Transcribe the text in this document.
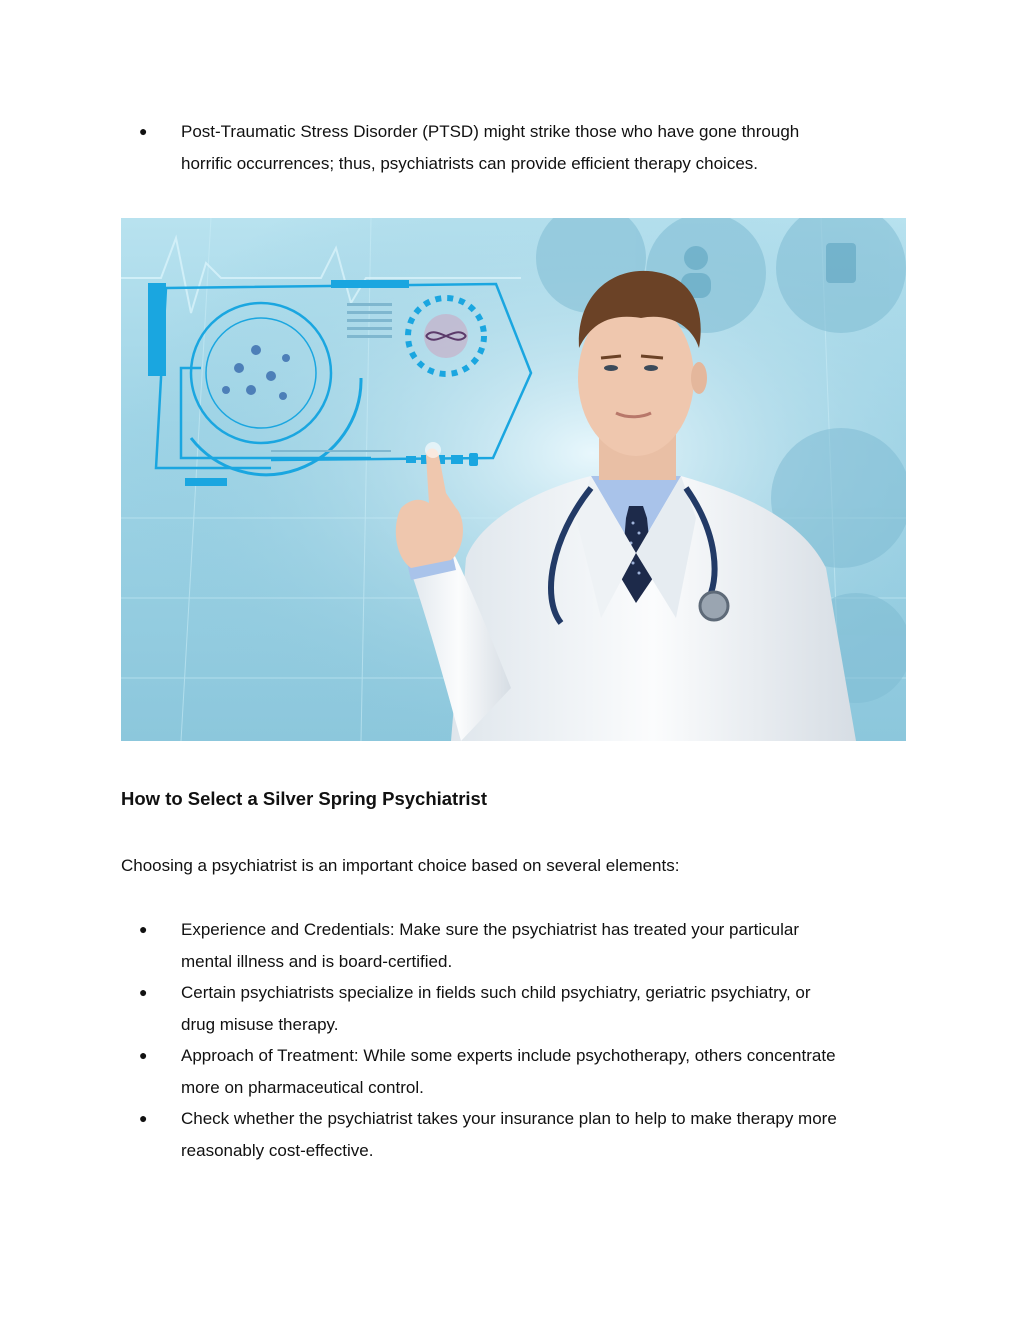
● Post-Traumatic Stress Disorder (PTSD) might strike those who have gone through
horrific occurrences; thus, psychiatrists can provide efficient therapy choices.
How to Select a Silver Spring Psychiatrist

Choosing a psychiatrist is an important choice based on several elements:

● Experience and Credentials: Make sure the psychiatrist has treated your particular
mental illness and is board-certified.
● Certain psychiatrists specialize in fields such child psychiatry, geriatric psychiatry, or
drug misuse therapy.
● Approach of Treatment: While some experts include psychotherapy, others concentrate
more on pharmaceutical control.
● Check whether the psychiatrist takes your insurance plan to help to make therapy more
reasonably cost-effective.
